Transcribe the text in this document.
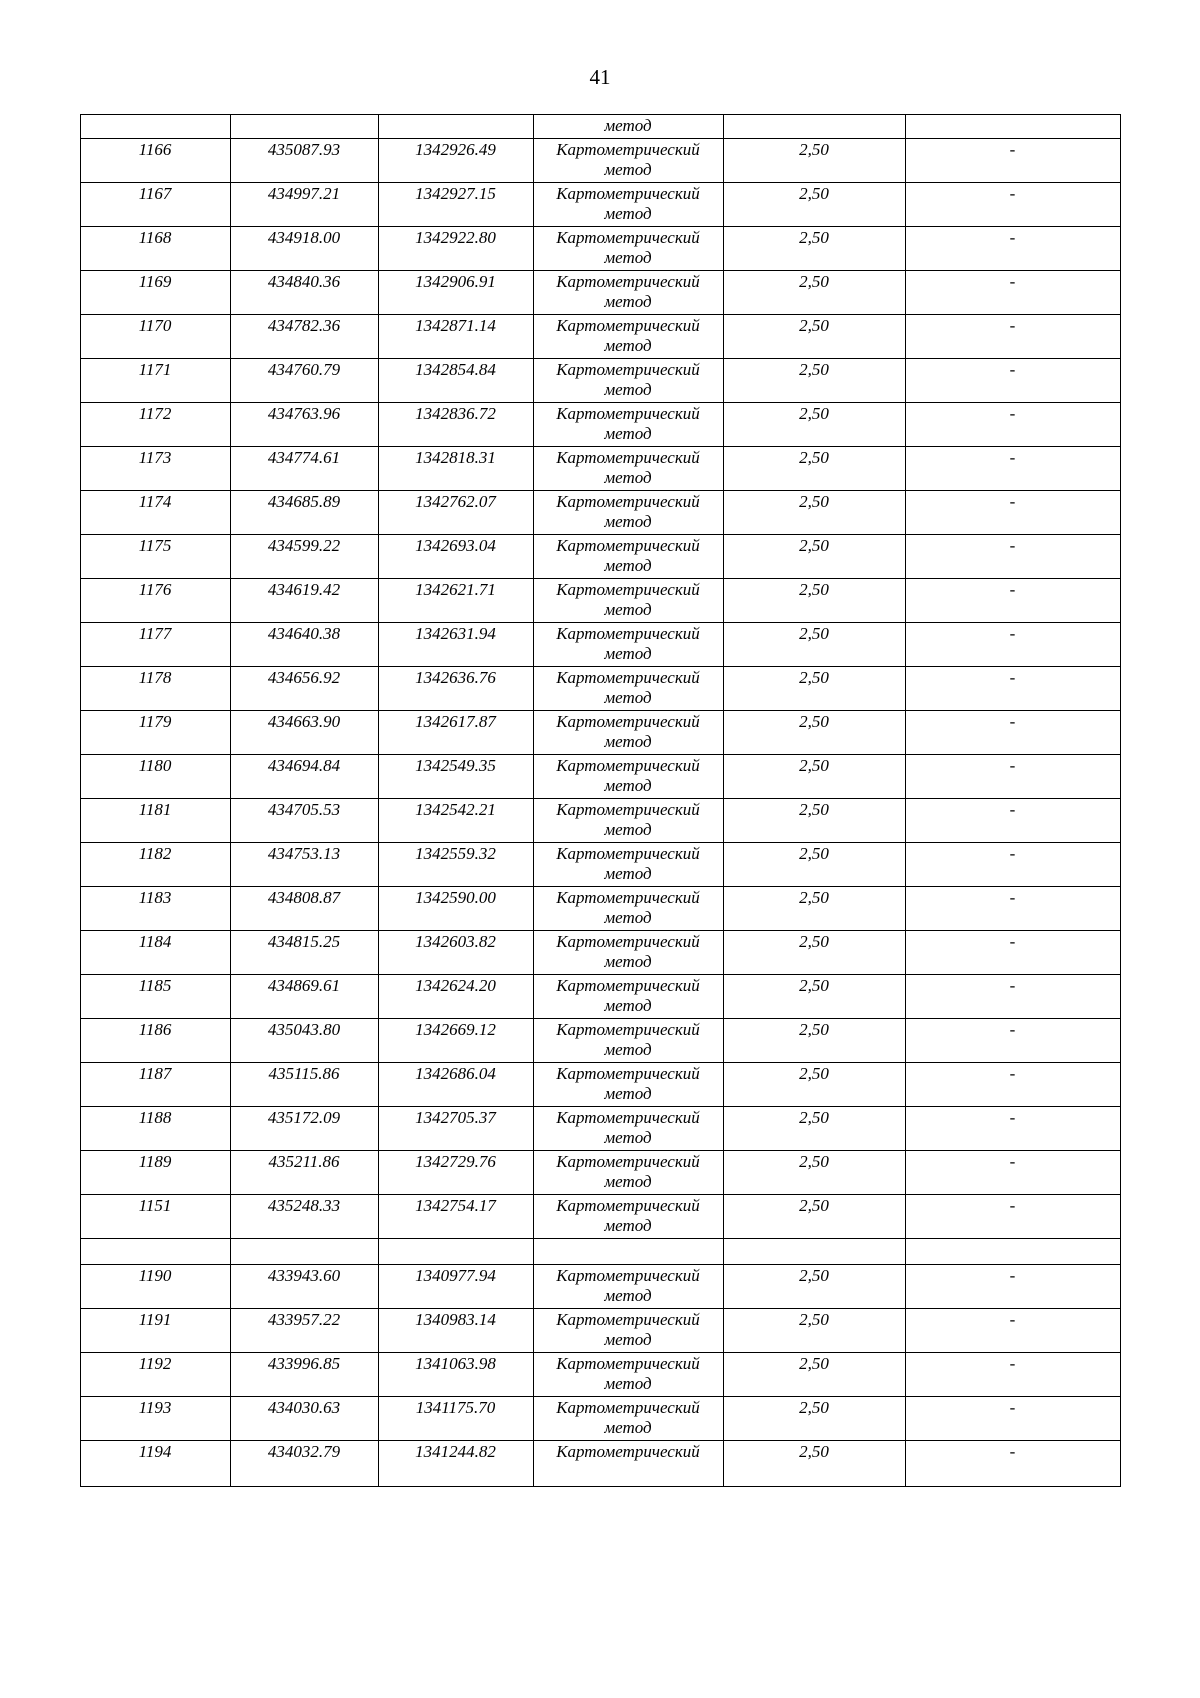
41

			метод		

1166	435087.93	1342926.49	Картометрический
метод	2,50	-

1167	434997.21	1342927.15	Картометрический
метод	2,50	-

1168	434918.00	1342922.80	Картометрический
метод	2,50	-

1169	434840.36	1342906.91	Картометрический
метод	2,50	-

1170	434782.36	1342871.14	Картометрический
метод	2,50	-

1171	434760.79	1342854.84	Картометрический
метод	2,50	-

1172	434763.96	1342836.72	Картометрический
метод	2,50	-

1173	434774.61	1342818.31	Картометрический
метод	2,50	-

1174	434685.89	1342762.07	Картометрический
метод	2,50	-

1175	434599.22	1342693.04	Картометрический
метод	2,50	-

1176	434619.42	1342621.71	Картометрический
метод	2,50	-

1177	434640.38	1342631.94	Картометрический
метод	2,50	-

1178	434656.92	1342636.76	Картометрический
метод	2,50	-

1179	434663.90	1342617.87	Картометрический
метод	2,50	-

1180	434694.84	1342549.35	Картометрический
метод	2,50	-

1181	434705.53	1342542.21	Картометрический
метод	2,50	-

1182	434753.13	1342559.32	Картометрический
метод	2,50	-

1183	434808.87	1342590.00	Картометрический
метод	2,50	-

1184	434815.25	1342603.82	Картометрический
метод	2,50	-

1185	434869.61	1342624.20	Картометрический
метод	2,50	-

1186	435043.80	1342669.12	Картометрический
метод	2,50	-

1187	435115.86	1342686.04	Картометрический
метод	2,50	-

1188	435172.09	1342705.37	Картометрический
метод	2,50	-

1189	435211.86	1342729.76	Картометрический
метод	2,50	-

1151	435248.33	1342754.17	Картометрический
метод	2,50	-

1190	433943.60	1340977.94	Картометрический
метод	2,50	-

1191	433957.22	1340983.14	Картометрический
метод	2,50	-

1192	433996.85	1341063.98	Картометрический
метод	2,50	-

1193	434030.63	1341175.70	Картометрический
метод	2,50	-

1194	434032.79	1341244.82	Картометрический	2,50	-
